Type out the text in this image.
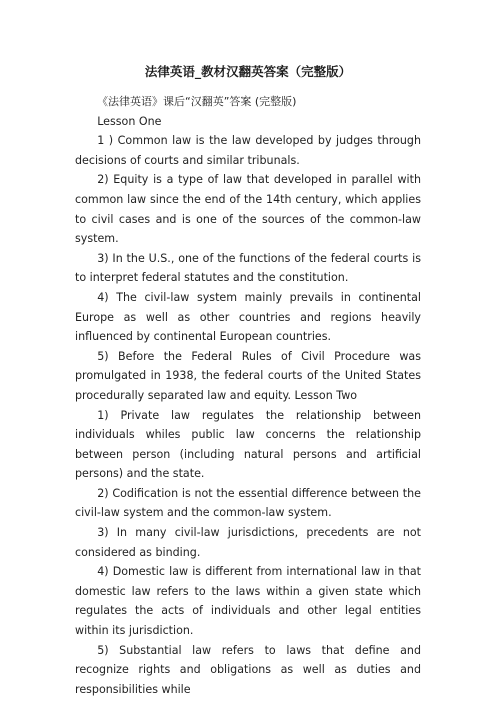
法律英语_教材汉翻英答案（完整版）

《法律英语》课后“汉翻英”答案 (完整版)

Lesson One

1 ) Common law is the law developed by judges through decisions of courts and similar tribunals.

2) Equity is a type of law that developed in parallel with common law since the end of the 14th century, which applies to civil cases and is one of the sources of the common-law system.

3) In the U.S., one of the functions of the federal courts is to interpret federal statutes and the constitution.

4) The civil-law system mainly prevails in continental Europe as well as other countries and regions heavily influenced by continental European countries.

5) Before the Federal Rules of Civil Procedure was promulgated in 1938, the federal courts of the United States procedurally separated law and equity. Lesson Two

1) Private law regulates the relationship between individuals whiles public law concerns the relationship between person (including natural persons and artificial persons) and the state.

2) Codification is not the essential difference between the civil-law system and the common-law system.

3) In many civil-law jurisdictions, precedents are not considered as binding.

4) Domestic law is different from international law in that domestic law refers to the laws within a given state which regulates the acts of individuals and other legal entities within its jurisdiction.

5) Substantial law refers to laws that define and recognize rights and obligations as well as duties and responsibilities while
